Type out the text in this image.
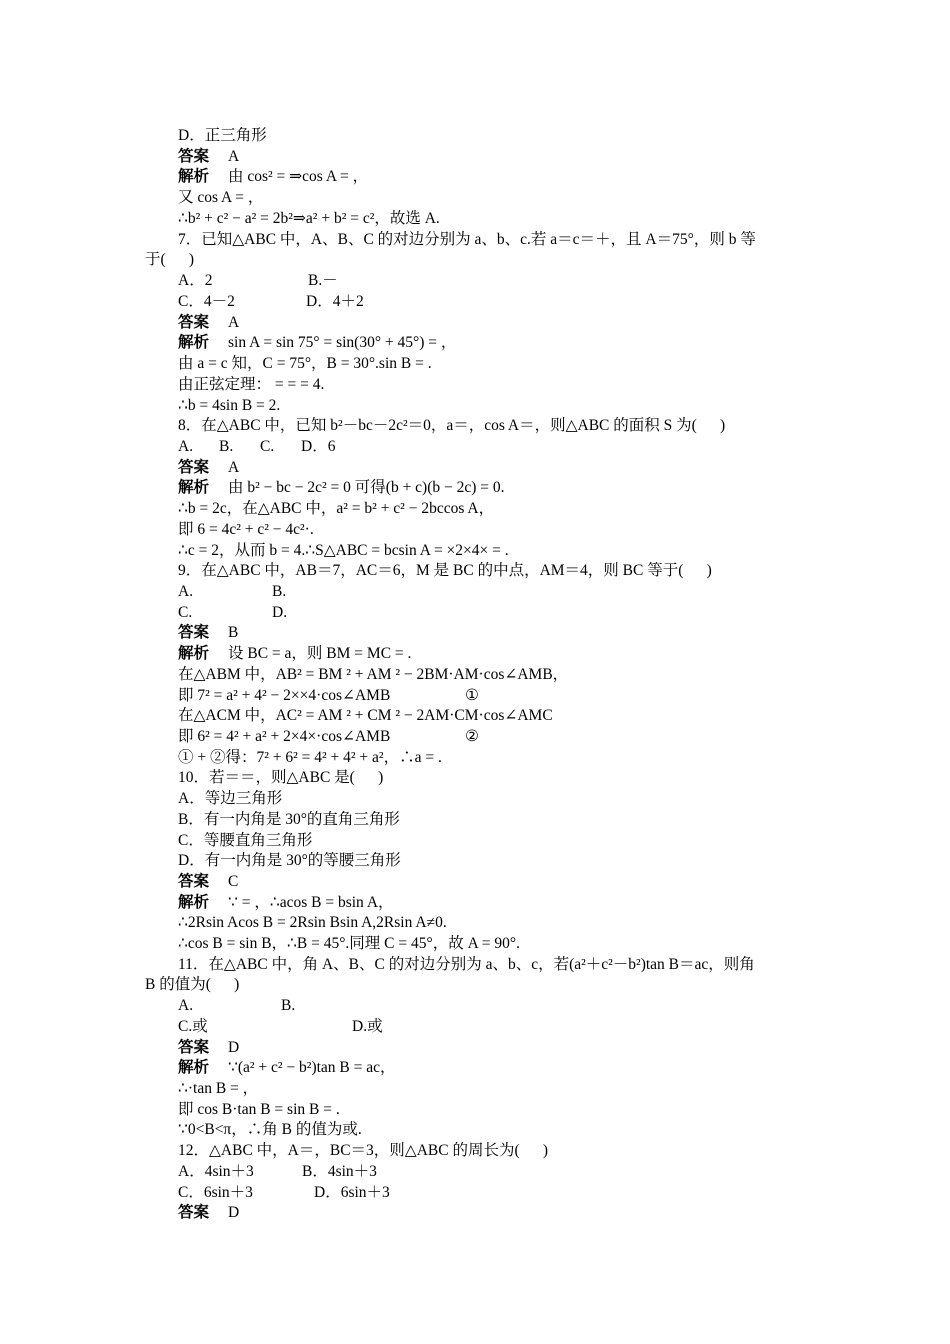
D．正三角形
答案 A
解析 由 cos² = ⇒cos A = ，
又 cos A = ，
∴b² + c² − a² = 2b²⇒a² + b² = c²，故选 A.
7．已知△ABC 中，A、B、C 的对边分别为 a、b、c.若 a＝c＝＋，且 A＝75°，则 b 等
于(      )
A．2	B.－
C．4－2	D．4＋2
答案 A
解析 sin A = sin 75° = sin(30° + 45°) = ，
由 a = c 知，C = 75°，B = 30°.sin B = .
由正弦定理： = = = 4.
∴b = 4sin B = 2.
8．在△ABC 中，已知 b²－bc－2c²＝0，a＝，cos A＝，则△ABC 的面积 S 为(      )
A. B. C. D．6
答案 A
解析 由 b² − bc − 2c² = 0 可得(b + c)(b − 2c) = 0.
∴b = 2c，在△ABC 中，a² = b² + c² − 2bccos A，
即 6 = 4c² + c² − 4c²·.
∴c = 2，从而 b = 4.∴S△ABC = bcsin A = ×2×4× = .
9．在△ABC 中，AB＝7，AC＝6，M 是 BC 的中点，AM＝4，则 BC 等于(      )
A.	B.
C.	D.
答案 B
解析 设 BC = a，则 BM = MC = .
在△ABM 中，AB² = BM ² + AM ² − 2BM·AM·cos∠AMB，
即 7² = a² + 4² − 2××4·cos∠AMB	①
在△ACM 中，AC² = AM ² + CM ² − 2AM·CM·cos∠AMC
即 6² = 4² + a² + 2×4×·cos∠AMB	②
① + ②得：7² + 6² = 4² + 4² + a²，∴a = .
10．若＝＝，则△ABC 是(      )
A．等边三角形
B．有一内角是 30°的直角三角形
C．等腰直角三角形
D．有一内角是 30°的等腰三角形
答案 C
解析 ∵ = ，∴acos B = bsin A，
∴2Rsin Acos B = 2Rsin Bsin A,2Rsin A≠0.
∴cos B = sin B，∴B = 45°.同理 C = 45°，故 A = 90°.
11．在△ABC 中，角 A、B、C 的对边分别为 a、b、c，若(a²＋c²－b²)tan B＝ac，则角
B 的值为(      )
A.	B.
C.或	D.或
答案 D
解析 ∵(a² + c² − b²)tan B = ac，
∴·tan B = ，
即 cos B·tan B = sin B = .
∵0<B<π，∴角 B 的值为或.
12．△ABC 中，A＝，BC＝3，则△ABC 的周长为(      )
A．4sin＋3	B．4sin＋3
C．6sin＋3	D．6sin＋3
答案 D
